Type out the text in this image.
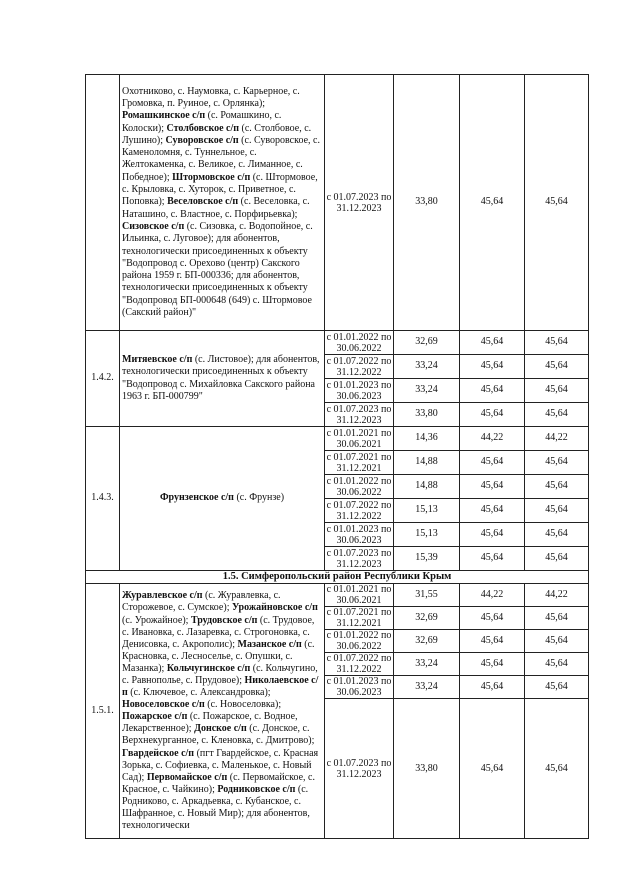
	Охотниково, с. Наумовка, с. Карьерное, с. Громовка, п. Руиное, с. Орлянка); Ромашкинское с/п (с. Ромашкино, с. Колоски); Столбовское с/п (с. Столбовое, с. Лушино); Суворовское с/п (с. Суворовское, с. Каменоломня, с. Туннельное, с. Желтокаменка, с. Великое, с. Лиманное, с. Победное); Штормовское с/п (с. Штормовое, с. Крыловка, с. Хуторок, с. Приветное, с. Поповка); Веселовское с/п (с. Веселовка, с. Наташино, с. Властное, с. Порфирьевка); Сизовское с/п (с. Сизовка, с. Водопойное, с. Ильинка, с. Луговое); для абонентов, технологически присоединенных к объекту "Водопровод с. Орехово (центр) Сакского района 1959 г. БП-000336; для абонентов, технологически присоединенных к объекту "Водопровод БП-000648 (649) с. Штормовое (Сакский район)"	с 01.07.2023 по 31.12.2023	33,80	45,64	45,64
1.4.2.	Митяевское с/п (с. Листовое); для абонентов, технологически присоединенных к объекту "Водопровод с. Михайловка Сакского района 1963 г. БП-000799"	с 01.01.2022 по 30.06.2022	32,69	45,64	45,64
		с 01.07.2022 по 31.12.2022	33,24	45,64	45,64
		с 01.01.2023 по 30.06.2023	33,24	45,64	45,64
		с 01.07.2023 по 31.12.2023	33,80	45,64	45,64
1.4.3.	Фрунзенское с/п (с. Фрунзе)	с 01.01.2021 по 30.06.2021	14,36	44,22	44,22
		с 01.07.2021 по 31.12.2021	14,88	45,64	45,64
		с 01.01.2022 по 30.06.2022	14,88	45,64	45,64
		с 01.07.2022 по 31.12.2022	15,13	45,64	45,64
		с 01.01.2023 по 30.06.2023	15,13	45,64	45,64
		с 01.07.2023 по 31.12.2023	15,39	45,64	45,64
1.5. Симферопольский район Республики Крым					
1.5.1.	Журавлевское с/п (с. Журавлевка, с. Сторожевое, с. Сумское); Урожайновское с/п (с. Урожайное); Трудовское с/п (с. Трудовое, с. Ивановка, с. Лазаревка, с. Строгоновка, с. Денисовка, с. Акрополис); Мазанское с/п (с. Красновка, с. Лесноселье, с. Опушки, с. Мазанка); Кольчугинское с/п (с. Кольчугино, с. Равнополье, с. Прудовое); Николаевское с/п (с. Ключевое, с. Александровка); Новоселовское с/п (с. Новоселовка); Пожарское с/п (с. Пожарское, с. Водное, Лекарственное); Донское с/п (с. Донское, с. Верхнекурганное, с. Кленовка, с. Дмитрово); Гвардейское с/п (пгт Гвардейское, с. Красная Зорька, с. Софиевка, с. Маленькое, с. Новый Сад); Первомайское с/п (с. Первомайское, с. Красное, с. Чайкино); Родниковское с/п (с. Родниково, с. Аркадьевка, с. Кубанское, с. Шафранное, с. Новый Мир); для абонентов, технологически	с 01.01.2021 по 30.06.2021	31,55	44,22	44,22
		с 01.07.2021 по 31.12.2021	32,69	45,64	45,64
		с 01.01.2022 по 30.06.2022	32,69	45,64	45,64
		с 01.07.2022 по 31.12.2022	33,24	45,64	45,64
		с 01.01.2023 по 30.06.2023	33,24	45,64	45,64
		с 01.07.2023 по 31.12.2023	33,80	45,64	45,64
